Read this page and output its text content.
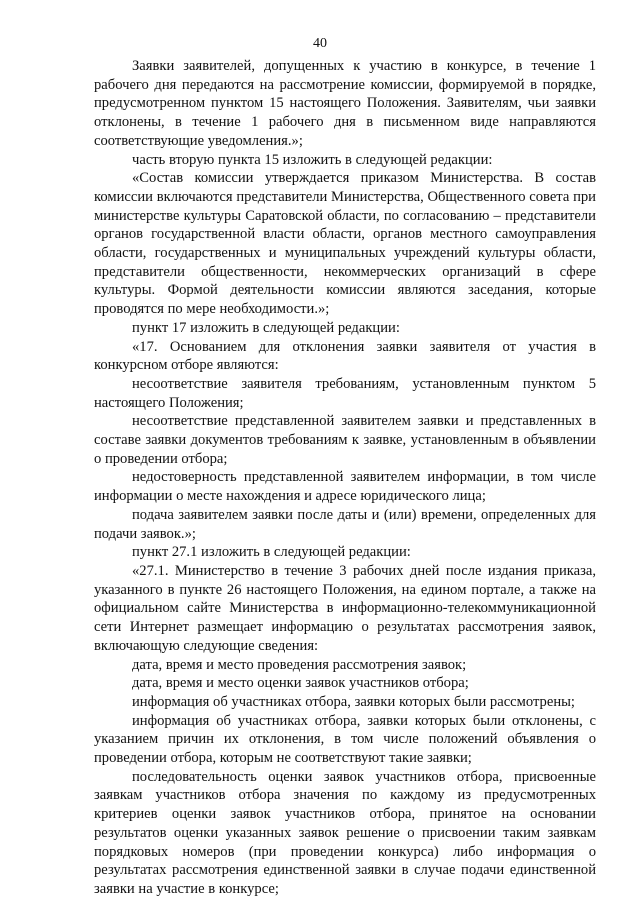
40

Заявки заявителей, допущенных к участию в конкурсе, в течение 1 рабочего дня передаются на рассмотрение комиссии, формируемой в порядке, предусмотренном пунктом 15 настоящего Положения. Заявителям, чьи заявки отклонены, в течение 1 рабочего дня в письменном виде направляются соответствующие уведомления.»;

часть вторую пункта 15 изложить в следующей редакции:

«Состав комиссии утверждается приказом Министерства. В состав комиссии включаются представители Министерства, Общественного совета при министерстве культуры Саратовской области, по согласованию – представители органов государственной власти области, органов местного самоуправления области, государственных и муниципальных учреждений культуры области, представители общественности, некоммерческих организаций в сфере культуры. Формой деятельности комиссии являются заседания, которые проводятся по мере необходимости.»;

пункт 17 изложить в следующей редакции:

«17. Основанием для отклонения заявки заявителя от участия в конкурсном отборе являются:

несоответствие заявителя требованиям, установленным пунктом 5 настоящего Положения;

несоответствие представленной заявителем заявки и представленных в составе заявки документов требованиям к заявке, установленным в объявлении о проведении отбора;

недостоверность представленной заявителем информации, в том числе информации о месте нахождения и адресе юридического лица;

подача заявителем заявки после даты и (или) времени, определенных для подачи заявок.»;

пункт 27.1 изложить в следующей редакции:

«27.1. Министерство в течение 3 рабочих дней после издания приказа, указанного в пункте 26 настоящего Положения, на едином портале, а также на официальном сайте Министерства в информационно-телекоммуникационной сети Интернет размещает информацию о результатах рассмотрения заявок, включающую следующие сведения:

дата, время и место проведения рассмотрения заявок;

дата, время и место оценки заявок участников отбора;

информация об участниках отбора, заявки которых были рассмотрены;

информация об участниках отбора, заявки которых были отклонены, с указанием причин их отклонения, в том числе положений объявления о проведении отбора, которым не соответствуют такие заявки;

последовательность оценки заявок участников отбора, присвоенные заявкам участников отбора значения по каждому из предусмотренных критериев оценки заявок участников отбора, принятое на основании результатов оценки указанных заявок решение о присвоении таким заявкам порядковых номеров (при проведении конкурса) либо информация о результатах рассмотрения единственной заявки в случае подачи единственной заявки на участие в конкурсе;
